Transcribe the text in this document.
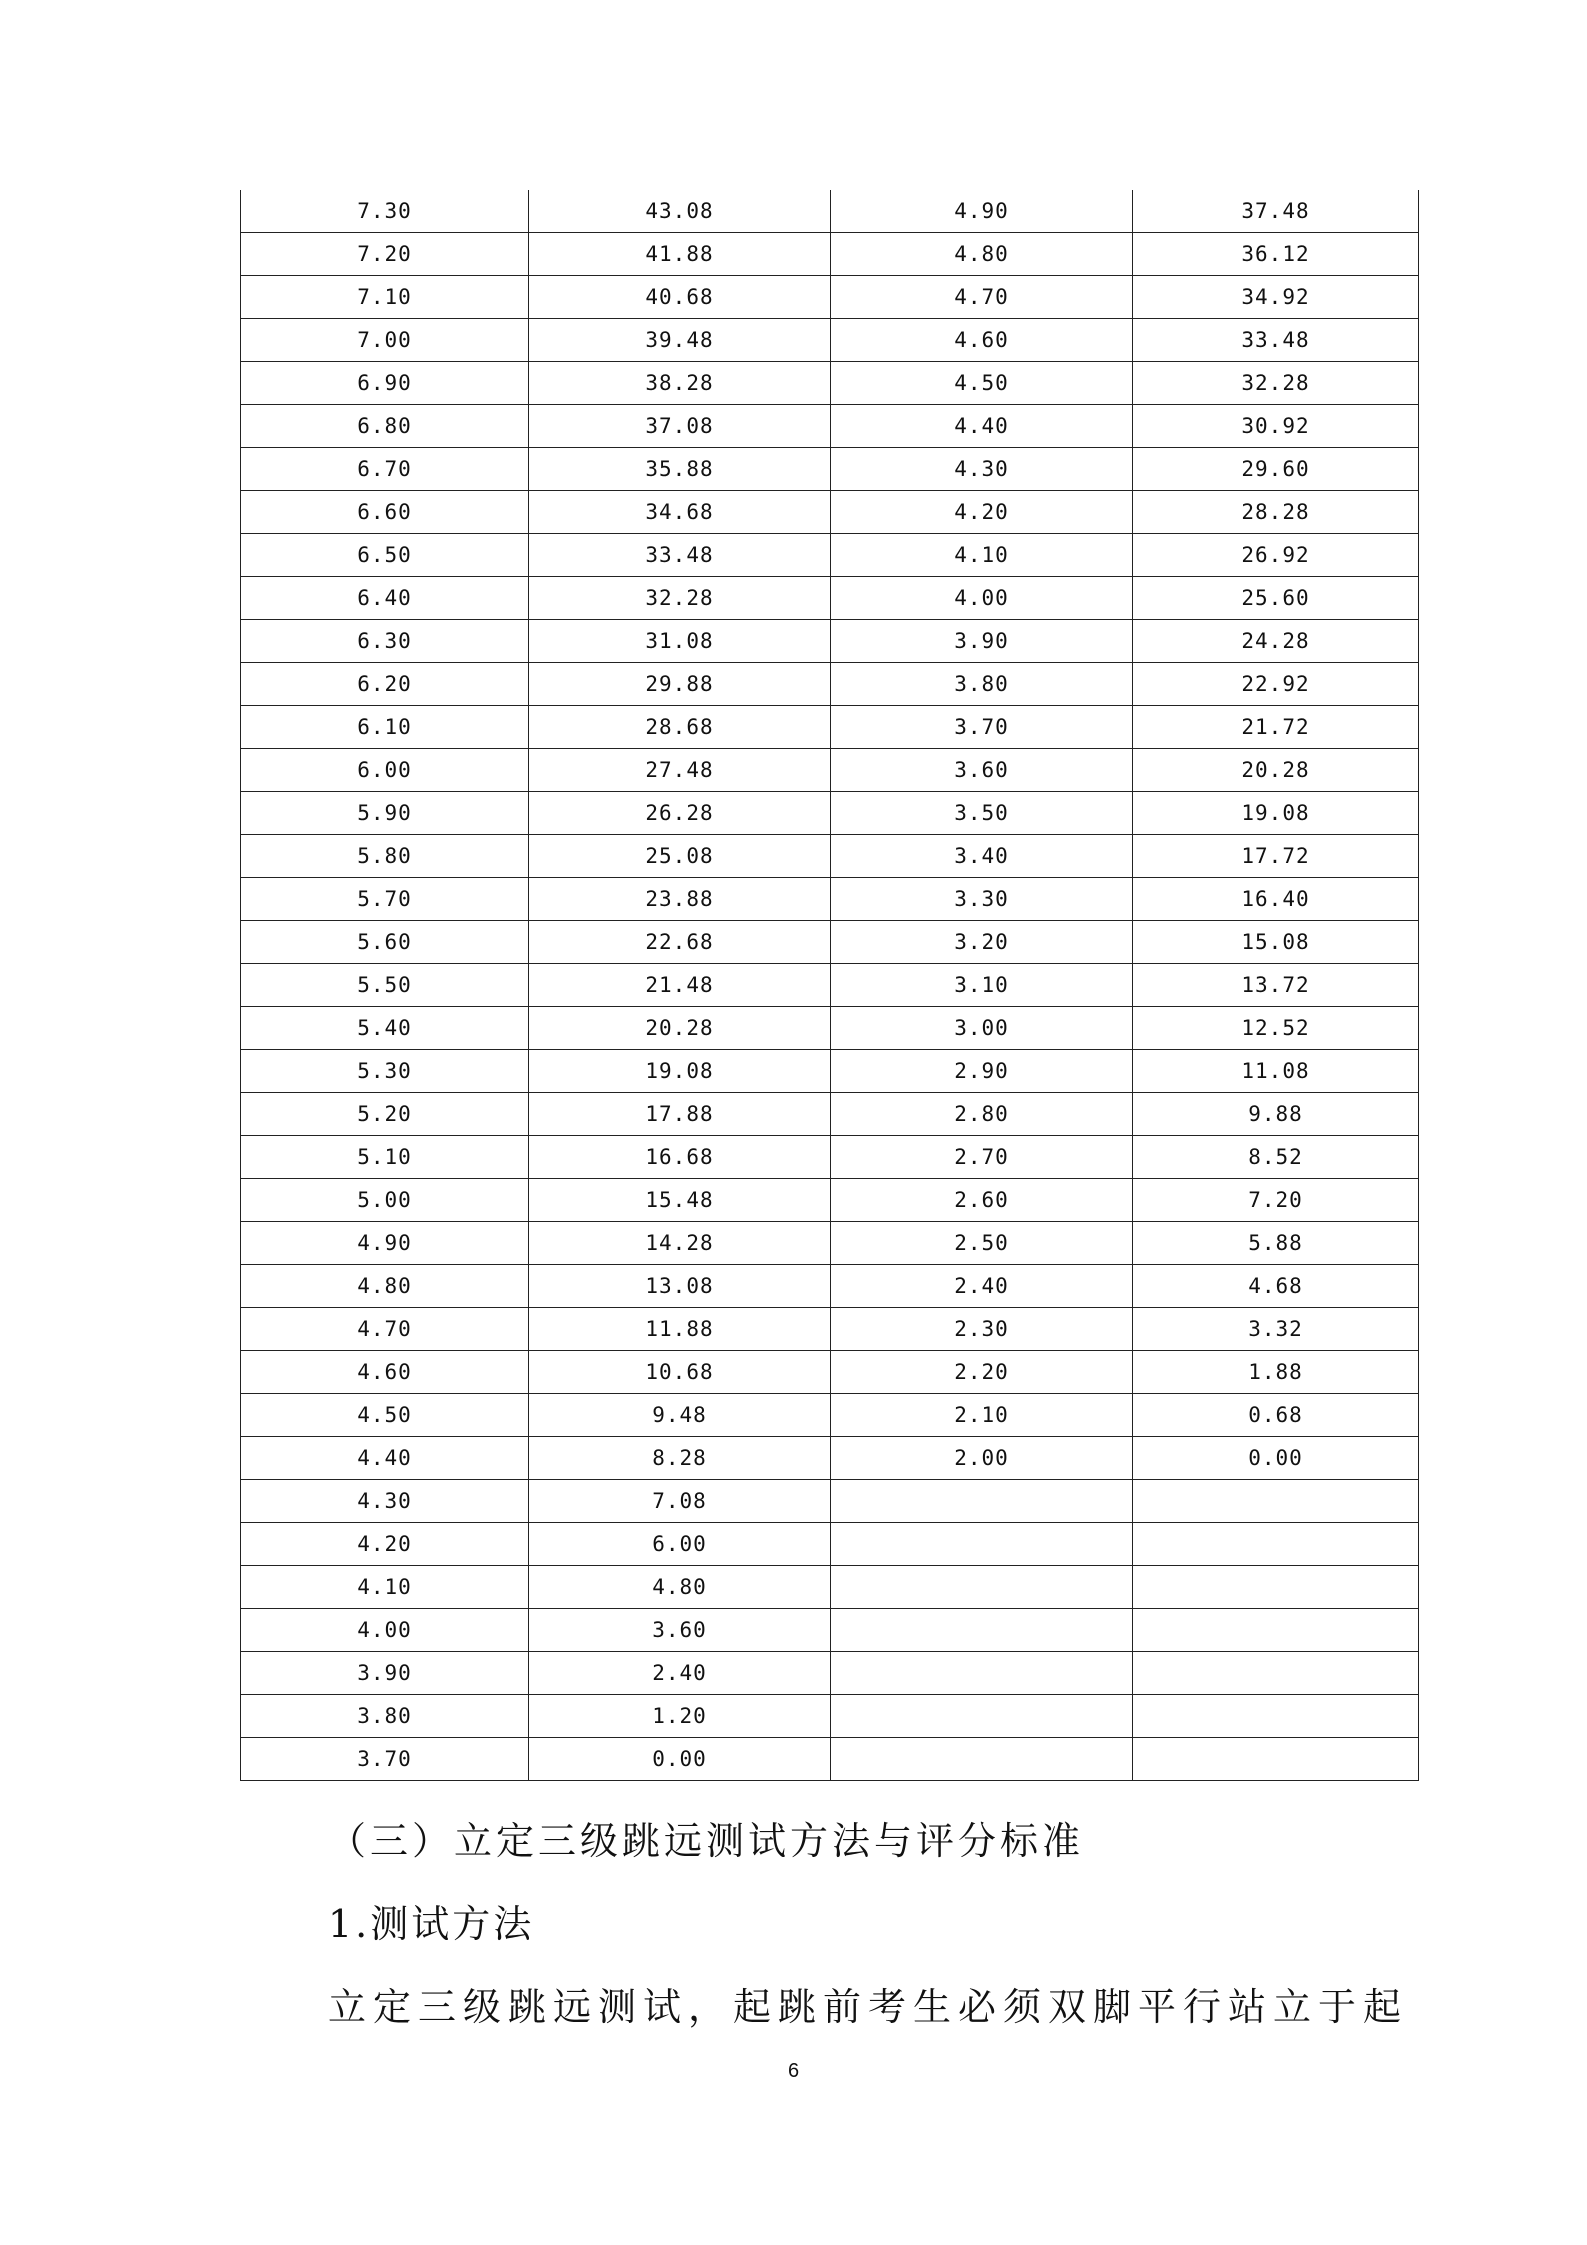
7.30	43.08	4.90	37.48
7.20	41.88	4.80	36.12
7.10	40.68	4.70	34.92
7.00	39.48	4.60	33.48
6.90	38.28	4.50	32.28
6.80	37.08	4.40	30.92
6.70	35.88	4.30	29.60
6.60	34.68	4.20	28.28
6.50	33.48	4.10	26.92
6.40	32.28	4.00	25.60
6.30	31.08	3.90	24.28
6.20	29.88	3.80	22.92
6.10	28.68	3.70	21.72
6.00	27.48	3.60	20.28
5.90	26.28	3.50	19.08
5.80	25.08	3.40	17.72
5.70	23.88	3.30	16.40
5.60	22.68	3.20	15.08
5.50	21.48	3.10	13.72
5.40	20.28	3.00	12.52
5.30	19.08	2.90	11.08
5.20	17.88	2.80	9.88
5.10	16.68	2.70	8.52
5.00	15.48	2.60	7.20
4.90	14.28	2.50	5.88
4.80	13.08	2.40	4.68
4.70	11.88	2.30	3.32
4.60	10.68	2.20	1.88
4.50	9.48	2.10	0.68
4.40	8.28	2.00	0.00
4.30	7.08		
4.20	6.00		
4.10	4.80		
4.00	3.60		
3.90	2.40		
3.80	1.20		
3.70	0.00		
（三）立定三级跳远测试方法与评分标准
1.测试方法

立定三级跳远测试，起跳前考生必须双脚平行站立于起

6
